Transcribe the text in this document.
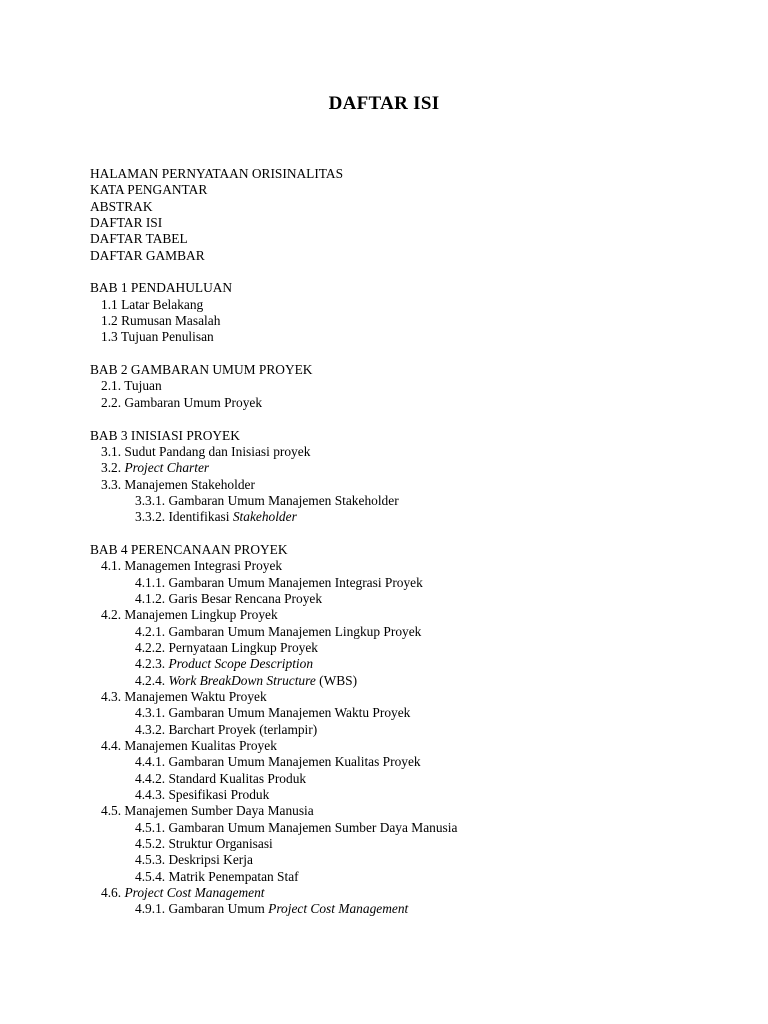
DAFTAR ISI
HALAMAN PERNYATAAN ORISINALITAS
KATA PENGANTAR
ABSTRAK
DAFTAR ISI
DAFTAR TABEL
DAFTAR GAMBAR
BAB 1 PENDAHULUAN
1.1 Latar Belakang
1.2 Rumusan Masalah
1.3 Tujuan Penulisan
BAB 2 GAMBARAN UMUM PROYEK
2.1. Tujuan
2.2. Gambaran Umum Proyek
BAB 3 INISIASI PROYEK
3.1. Sudut Pandang dan Inisiasi proyek
3.2. Project Charter
3.3. Manajemen Stakeholder
3.3.1. Gambaran Umum Manajemen Stakeholder
3.3.2. Identifikasi Stakeholder
BAB 4 PERENCANAAN PROYEK
4.1. Managemen Integrasi Proyek
4.1.1. Gambaran Umum Manajemen Integrasi Proyek
4.1.2. Garis Besar Rencana Proyek
4.2. Manajemen Lingkup Proyek
4.2.1. Gambaran Umum Manajemen Lingkup Proyek
4.2.2. Pernyataan Lingkup Proyek
4.2.3. Product Scope Description
4.2.4. Work BreakDown Structure (WBS)
4.3. Manajemen Waktu Proyek
4.3.1. Gambaran Umum Manajemen Waktu Proyek
4.3.2. Barchart Proyek (terlampir)
4.4. Manajemen Kualitas Proyek
4.4.1. Gambaran Umum Manajemen Kualitas Proyek
4.4.2. Standard Kualitas Produk
4.4.3. Spesifikasi Produk
4.5. Manajemen Sumber Daya Manusia
4.5.1. Gambaran Umum Manajemen Sumber Daya Manusia
4.5.2. Struktur Organisasi
4.5.3. Deskripsi Kerja
4.5.4. Matrik Penempatan Staf
4.6. Project Cost Management
4.9.1. Gambaran Umum Project Cost Management
